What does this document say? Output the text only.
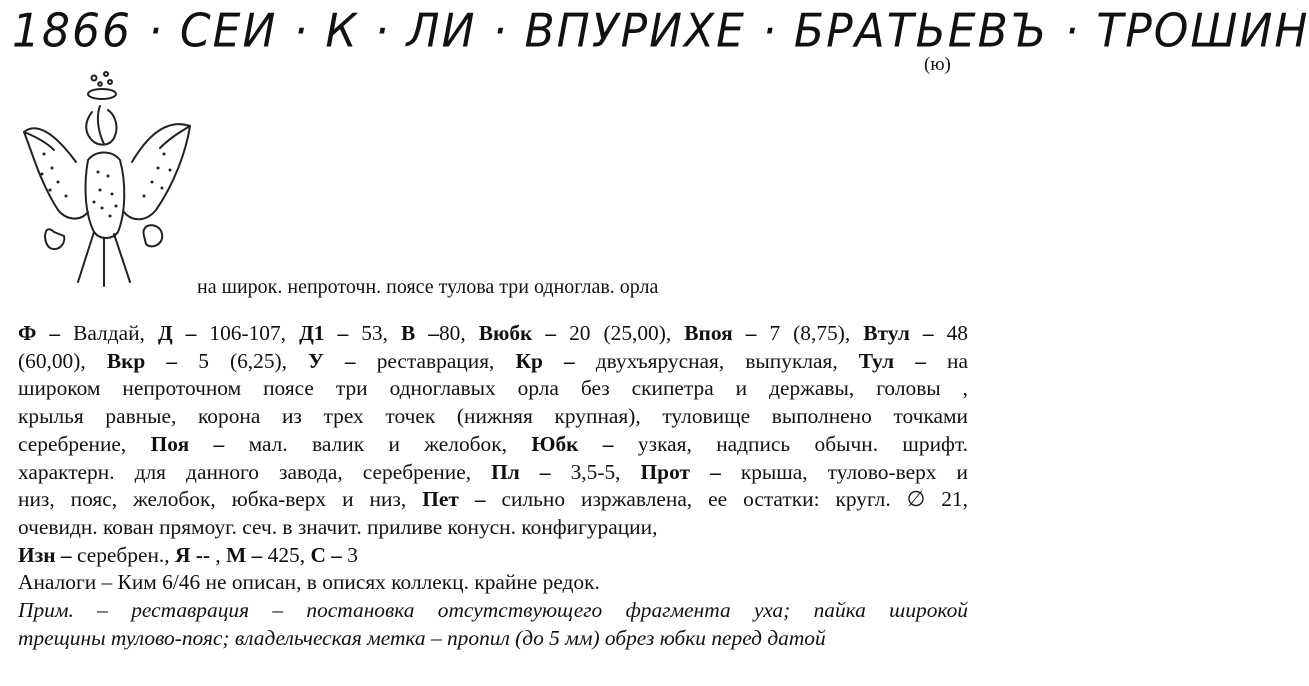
1866 · СЕИ · К · ЛИ · ВПУРИХЕ · БРАТЬЕВЪ · ТРОШИН
(ю)
на широк. непроточн. поясе тулова три одноглав. орла
Ф – Валдай, Д – 106-107, Д1 – 53, В –80, Вюбк – 20 (25,00), Впоя – 7 (8,75), Втул – 48
(60,00), Вкр – 5 (6,25), У – реставрация, Кр – двухъярусная, выпуклая, Тул – на
широком непроточном поясе три одноглавых орла без скипетра и державы, головы ,
крылья равные, корона из трех точек (нижняя крупная), туловище выполнено точками
серебрение, Поя – мал. валик и желобок, Юбк – узкая, надпись обычн. шрифт.
характерн. для данного завода, серебрение, Пл – 3,5-5, Прот – крыша, тулово-верх и
низ, пояс, желобок, юбка-верх и низ, Пет – сильно изржавлена, ее остатки: кругл. ∅ 21,
очевидн. кован прямоуг. сеч. в значит. приливе конусн. конфигурации,
Изн – серебрен., Я -- , М – 425, С – 3
Аналоги – Ким 6/46 не описан, в описях коллекц. крайне редок.
Прим. – реставрация – постановка отсутствующего фрагмента уха; пайка широкой
трещины тулово-пояс; владельческая метка – пропил (до 5 мм) обрез юбки перед датой
